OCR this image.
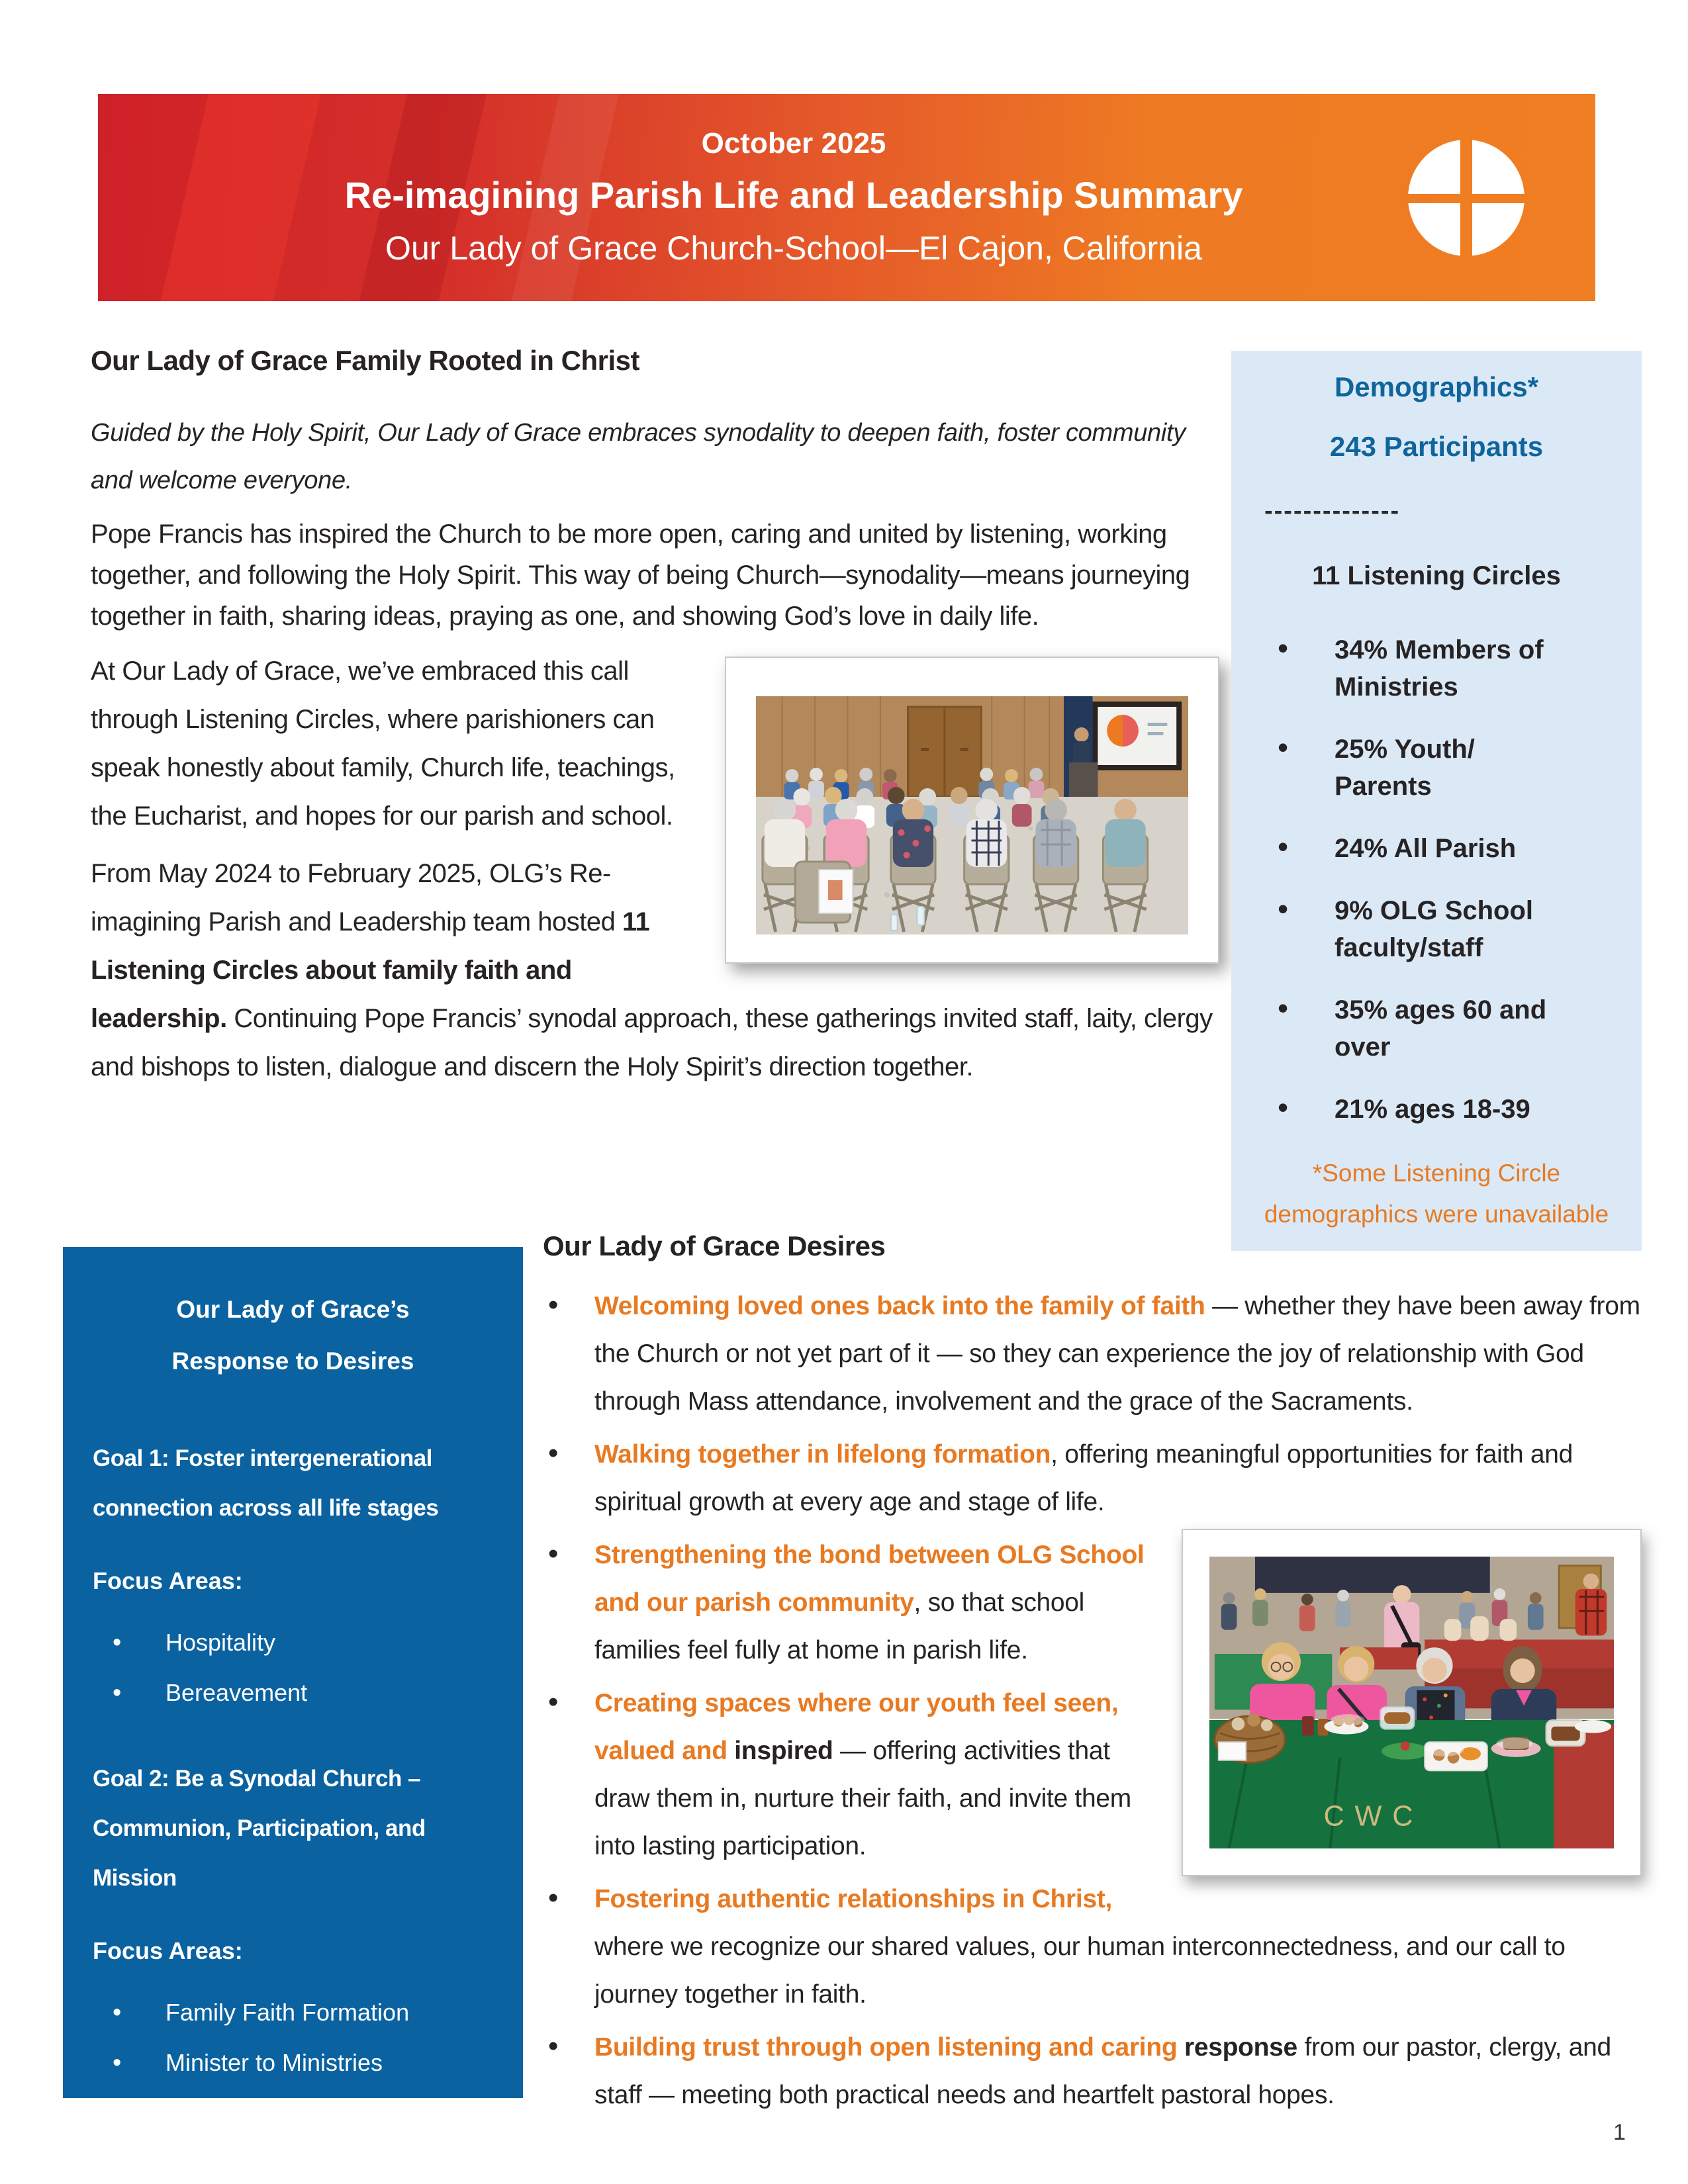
October 2025
Re-imagining Parish Life and Leadership Summary
Our Lady of Grace Church-School—El Cajon, California
Our Lady of Grace Family Rooted in Christ

Guided by the Holy Spirit, Our Lady of Grace embraces synodality to deepen faith, foster community and welcome everyone.

Pope Francis has inspired the Church to be more open, caring and united by listening, working together, and following the Holy Spirit. This way of being Church—synodality—means journeying together in faith, sharing ideas, praying as one, and showing God’s love in daily life.

At Our Lady of Grace, we’ve embraced this call through Listening Circles, where parishioners can speak honestly about family, Church life, teachings, the Eucharist, and hopes for our parish and school.

From May 2024 to February 2025, OLG’s Re-imagining Parish and Leadership team hosted 11 Listening Circles about family faith and leadership. Continuing Pope Francis’ synodal approach, these gatherings invited staff, laity, clergy and bishops to listen, dialogue and discern the Holy Spirit’s direction together.

Demographics*
243 Participants
--------------
11 Listening Circles
• 34% Members of
Ministries
• 25% Youth/
Parents
• 24% All Parish
• 9% OLG School
faculty/staff
• 35% ages 60 and
over
• 21% ages 18-39
*Some Listening Circle
demographics were unavailable
Our Lady of Grace’s
Response to Desires
Goal 1: Foster intergenerational
connection across all life stages
Focus Areas:
• Hospitality
• Bereavement
Goal 2: Be a Synodal Church –
Communion, Participation, and
Mission
Focus Areas:
• Family Faith Formation
• Minister to Ministries
Our Lady of Grace Desires
• Welcoming loved ones back into the family of faith — whether they have been away from the Church or not yet part of it — so they can experience the joy of relationship with God through Mass attendance, involvement and the grace of the Sacraments.
• Walking together in lifelong formation, offering meaningful opportunities for faith and spiritual growth at every age and stage of life.
CWC
• Strengthening the bond between OLG School and our parish community, so that school families feel fully at home in parish life.
• Creating spaces where our youth feel seen, valued and inspired — offering activities that draw them in, nurture their faith, and invite them into lasting participation.
• Fostering authentic relationships in Christ, where we recognize our shared values, our human interconnectedness, and our call to journey together in faith.
• Building trust through open listening and caring response from our pastor, clergy, and staff — meeting both practical needs and heartfelt pastoral hopes.
1
